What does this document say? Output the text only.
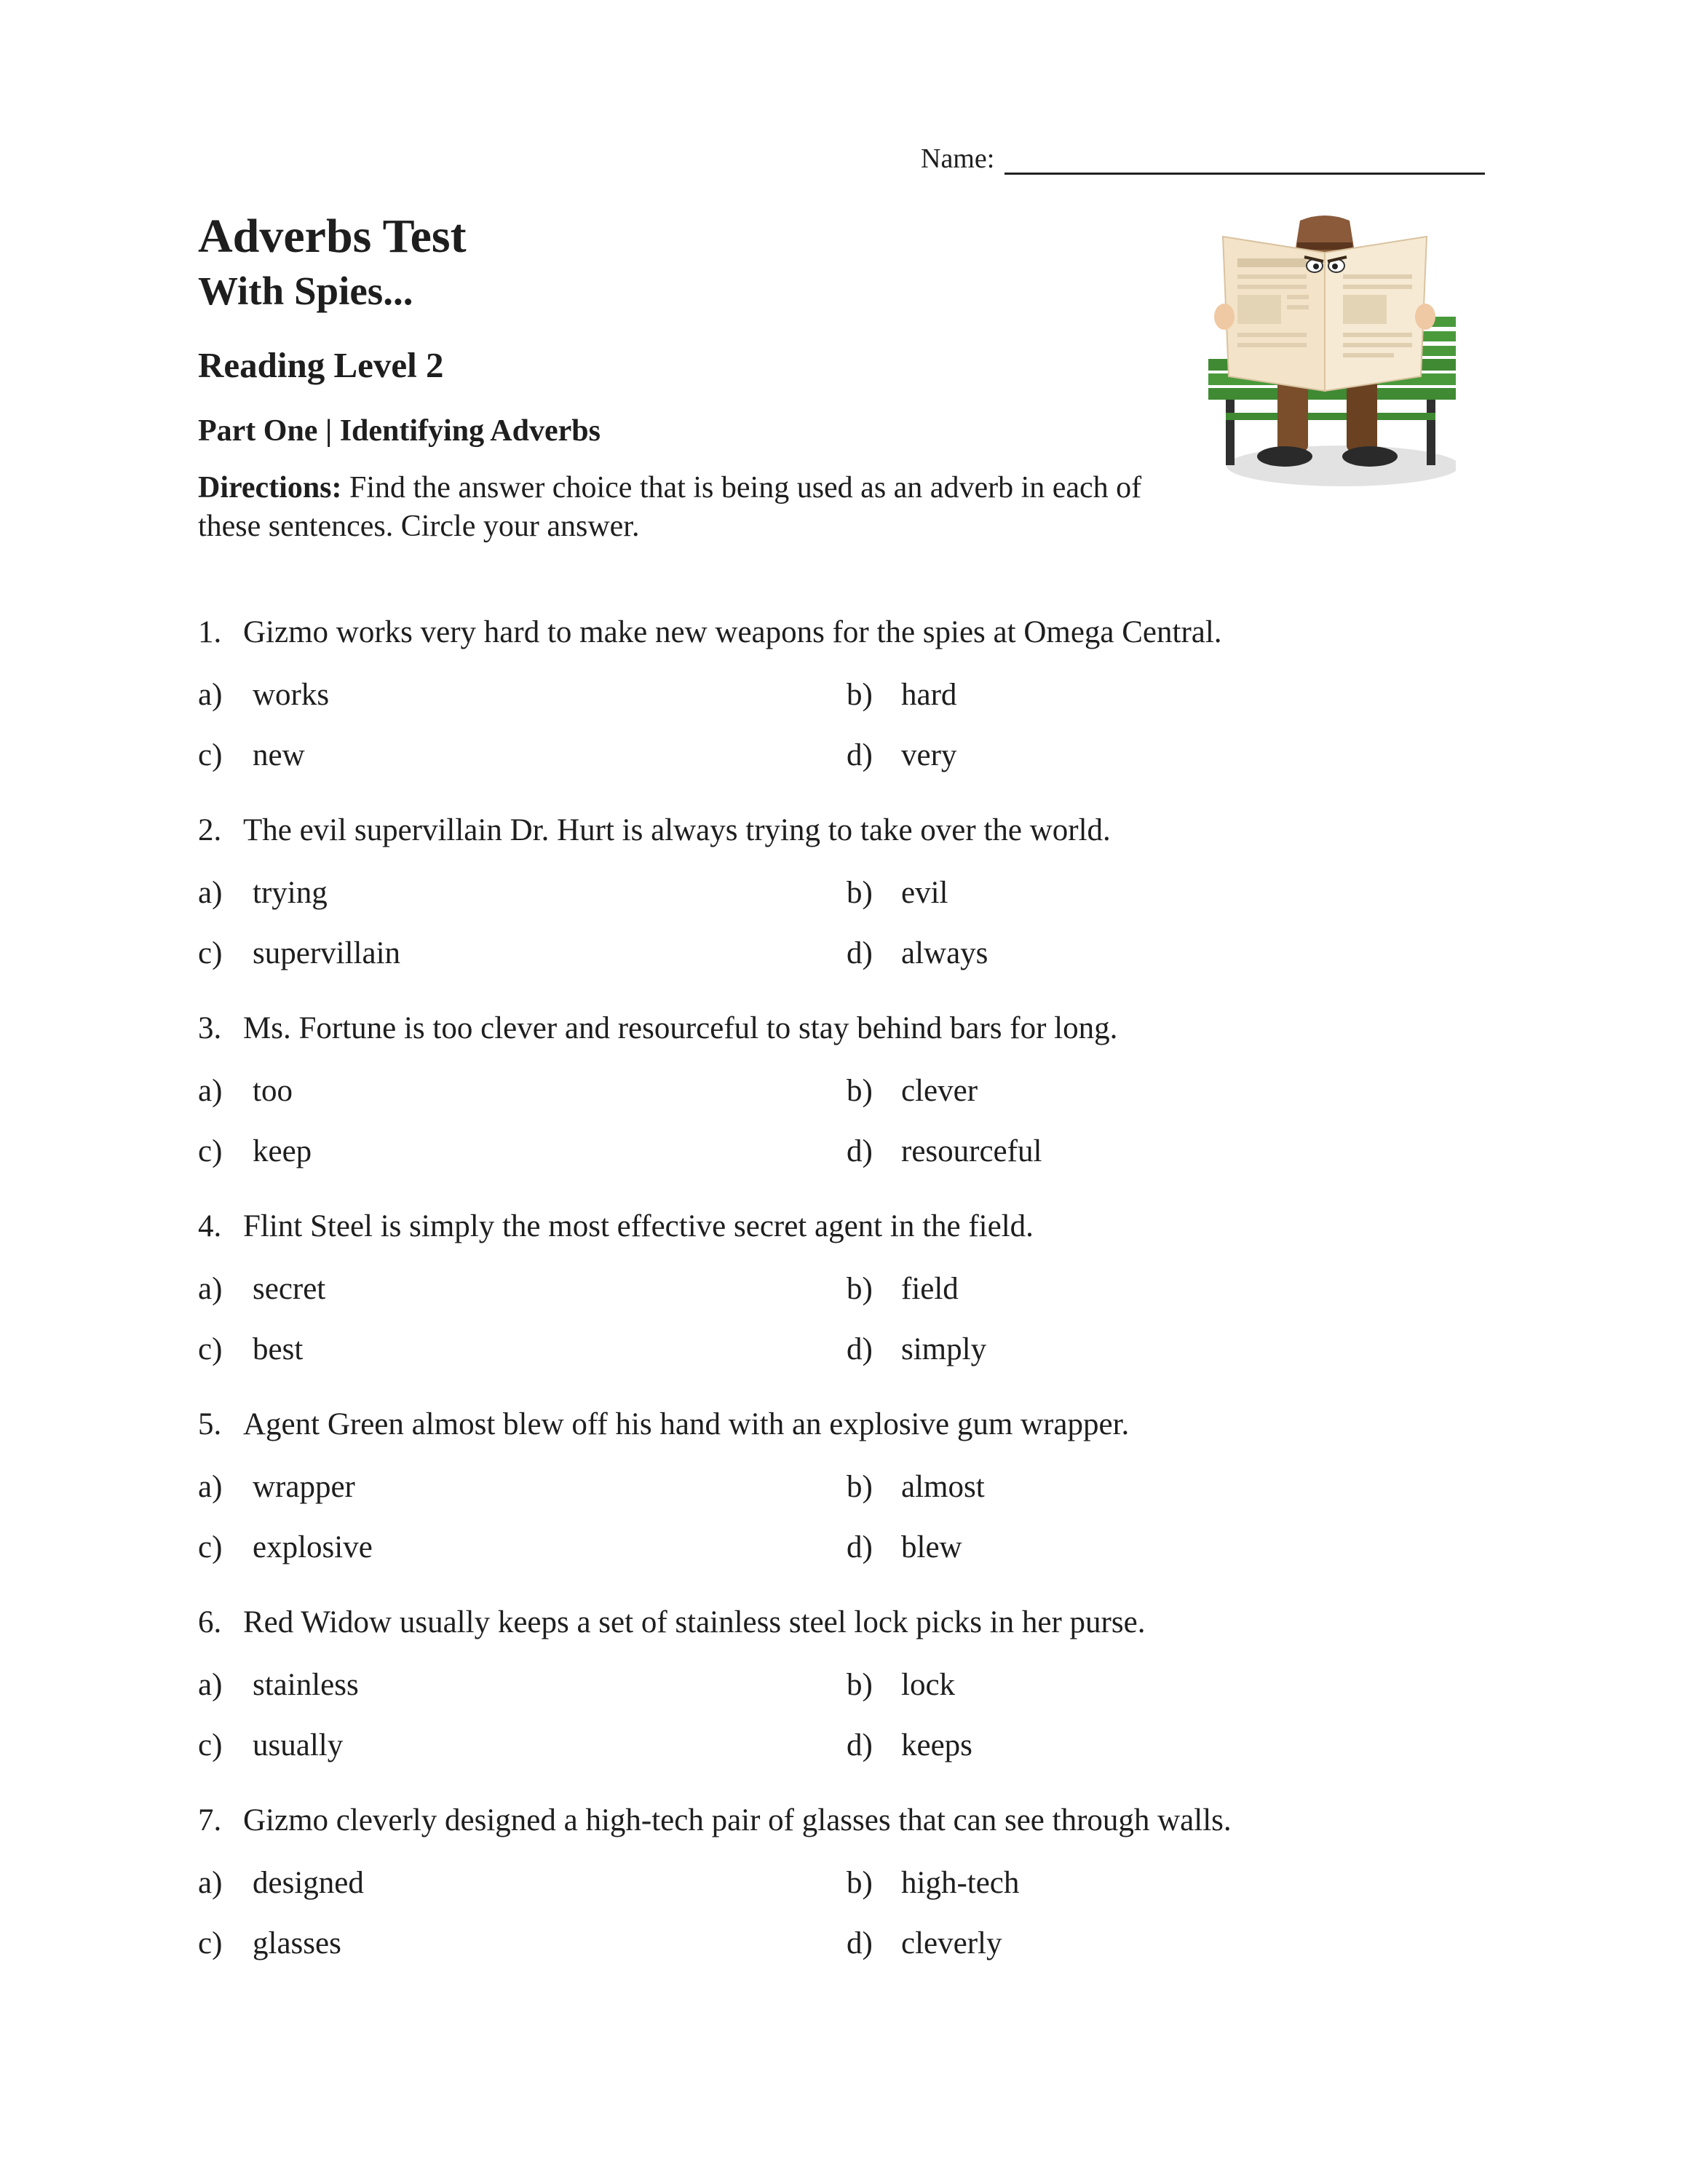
Name:
Adverbs Test
With Spies...
Reading Level 2
Part One | Identifying Adverbs
Directions: Find the answer choice that is being used as an adverb in each of these sentences. Circle your answer.
1. Gizmo works very hard to make new weapons for the spies at Omega Central.
a) works	b) hard
c) new	d) very
2. The evil supervillain Dr. Hurt is always trying to take over the world.
a) trying	b) evil
c) supervillain	d) always
3. Ms. Fortune is too clever and resourceful to stay behind bars for long.
a) too	b) clever
c) keep	d) resourceful
4. Flint Steel is simply the most effective secret agent in the field.
a) secret	b) field
c) best	d) simply
5. Agent Green almost blew off his hand with an explosive gum wrapper.
a) wrapper	b) almost
c) explosive	d) blew
6. Red Widow usually keeps a set of stainless steel lock picks in her purse.
a) stainless	b) lock
c) usually	d) keeps
7. Gizmo cleverly designed a high-tech pair of glasses that can see through walls.
a) designed	b) high-tech
c) glasses	d) cleverly
